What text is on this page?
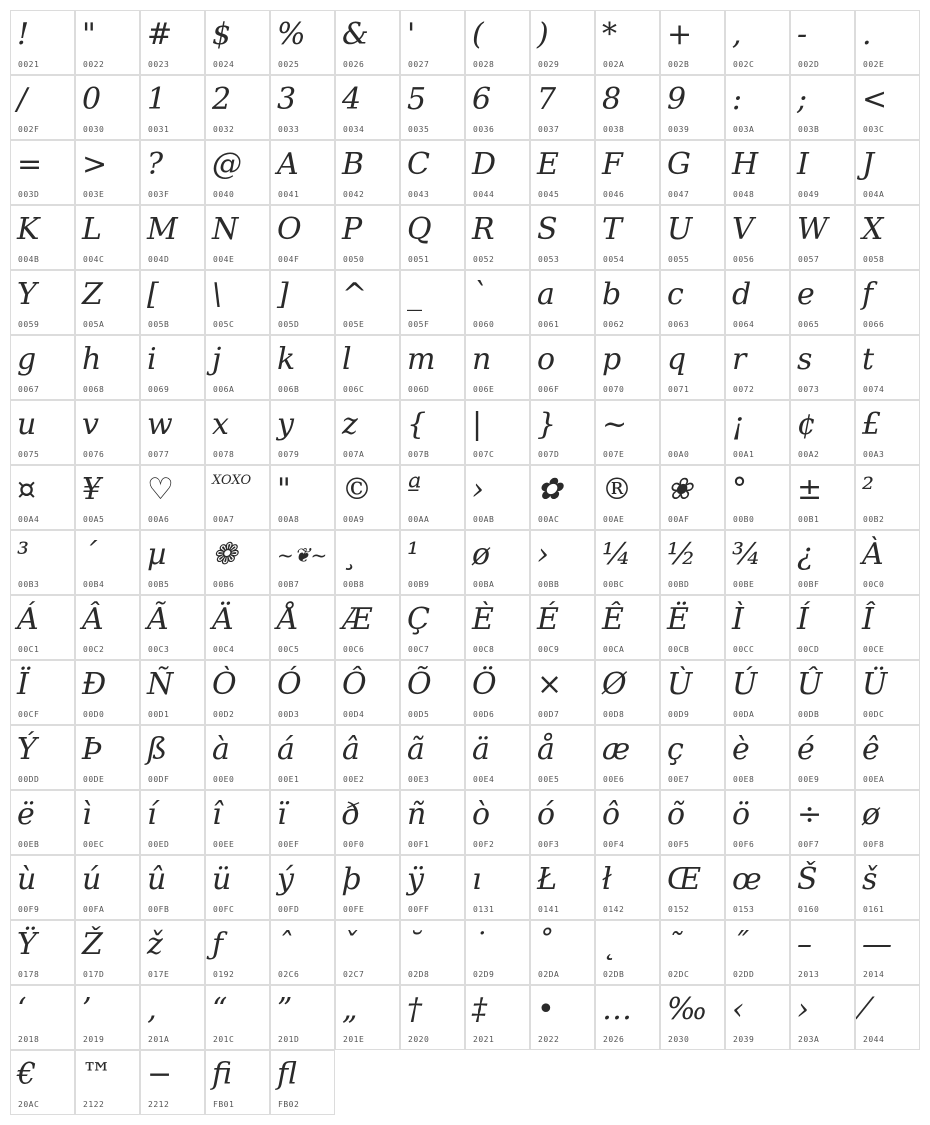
!
0021
"
0022
#
0023
$
0024
%
0025
&
0026
'
0027
(
0028
)
0029
*
002A
+
002B
,
002C
-
002D
.
002E
/
002F
0
0030
1
0031
2
0032
3
0033
4
0034
5
0035
6
0036
7
0037
8
0038
9
0039
:
003A
;
003B
<
003C
=
003D
>
003E
?
003F
@
0040
A
0041
B
0042
C
0043
D
0044
E
0045
F
0046
G
0047
H
0048
I
0049
J
004A
K
004B
L
004C
M
004D
N
004E
O
004F
P
0050
Q
0051
R
0052
S
0053
T
0054
U
0055
V
0056
W
0057
X
0058
Y
0059
Z
005A
[
005B
\
005C
]
005D
^
005E
_
005F
`
0060
a
0061
b
0062
c
0063
d
0064
e
0065
f
0066
g
0067
h
0068
i
0069
j
006A
k
006B
l
006C
m
006D
n
006E
o
006F
p
0070
q
0071
r
0072
s
0073
t
0074
u
0075
v
0076
w
0077
x
0078
y
0079
z
007A
{
007B
|
007C
}
007D
~
007E	00A0
¡
00A1
¢
00A2
£
00A3
¤
00A4
¥
00A5
♡
00A6
XOXO
00A7
"
00A8
©
00A9
ª
00AA
›
00AB
✿
00AC
®
00AE
❀
00AF
°
00B0
±
00B1
²
00B2
³
00B3
´
00B4
µ
00B5
❁
00B6
~❦~
00B7
¸
00B8
¹
00B9
ø
00BA
›
00BB
¼
00BC
½
00BD
¾
00BE
¿
00BF
À
00C0
Á
00C1
Â
00C2
Ã
00C3
Ä
00C4
Å
00C5
Æ
00C6
Ç
00C7
È
00C8
É
00C9
Ê
00CA
Ë
00CB
Ì
00CC
Í
00CD
Î
00CE
Ï
00CF
Đ
00D0
Ñ
00D1
Ò
00D2
Ó
00D3
Ô
00D4
Õ
00D5
Ö
00D6
×
00D7
Ø
00D8
Ù
00D9
Ú
00DA
Û
00DB
Ü
00DC
Ý
00DD
Þ
00DE
ß
00DF
à
00E0
á
00E1
â
00E2
ã
00E3
ä
00E4
å
00E5
æ
00E6
ç
00E7
è
00E8
é
00E9
ê
00EA
ë
00EB
ì
00EC
í
00ED
î
00EE
ï
00EF
ð
00F0
ñ
00F1
ò
00F2
ó
00F3
ô
00F4
õ
00F5
ö
00F6
÷
00F7
ø
00F8
ù
00F9
ú
00FA
û
00FB
ü
00FC
ý
00FD
þ
00FE
ÿ
00FF
ı
0131
Ł
0141
ł
0142
Œ
0152
œ
0153
Š
0160
š
0161
Ÿ
0178
Ž
017D
ž
017E
ƒ
0192
ˆ
02C6
ˇ
02C7
˘
02D8
˙
02D9
˚
02DA
˛
02DB
˜
02DC
˝
02DD
–
2013
—
2014
‘
2018
’
2019
‚
201A
“
201C
”
201D
„
201E
†
2020
‡
2021
•
2022
…
2026
‰
2030
‹
2039
›
203A
⁄
2044
€
20AC
™
2122
−
2212
ﬁ
FB01
ﬂ
FB02
